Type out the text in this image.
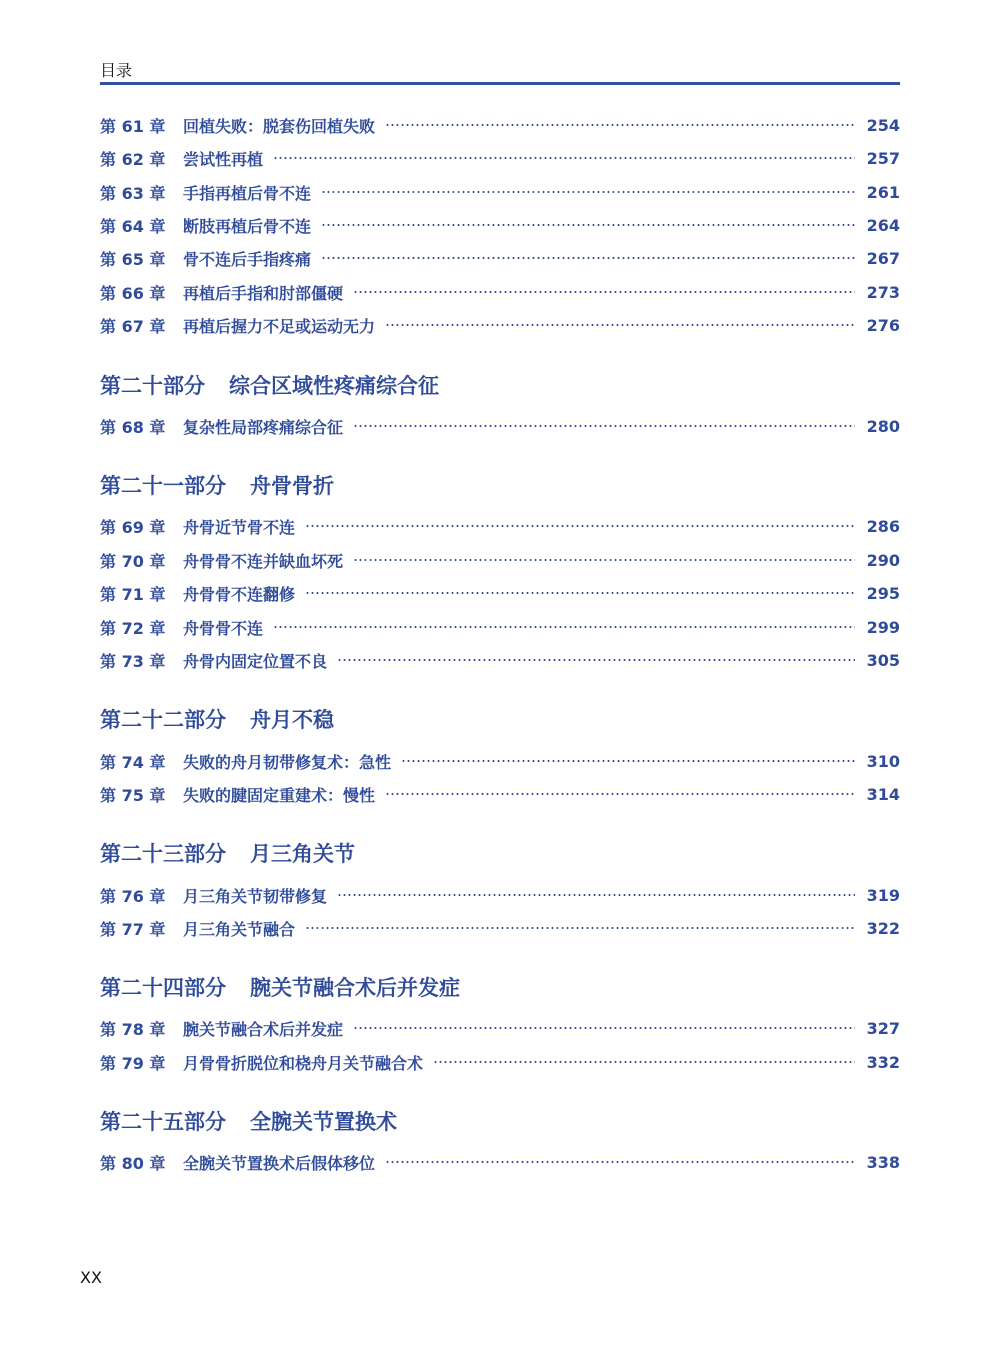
目录
第 61 章	回植失败：脱套伤回植失败	254
第 62 章	尝试性再植	257
第 63 章	手指再植后骨不连	261
第 64 章	断肢再植后骨不连	264
第 65 章	骨不连后手指疼痛	267
第 66 章	再植后手指和肘部僵硬	273
第 67 章	再植后握力不足或运动无力	276
第二十部分 综合区域性疼痛综合征
第 68 章	复杂性局部疼痛综合征	280
第二十一部分 舟骨骨折
第 69 章	舟骨近节骨不连	286
第 70 章	舟骨骨不连并缺血坏死	290
第 71 章	舟骨骨不连翻修	295
第 72 章	舟骨骨不连	299
第 73 章	舟骨内固定位置不良	305
第二十二部分 舟月不稳
第 74 章	失败的舟月韧带修复术：急性	310
第 75 章	失败的腱固定重建术：慢性	314
第二十三部分 月三角关节
第 76 章	月三角关节韧带修复	319
第 77 章	月三角关节融合	322
第二十四部分 腕关节融合术后并发症
第 78 章	腕关节融合术后并发症	327
第 79 章	月骨骨折脱位和桡舟月关节融合术	332
第二十五部分 全腕关节置换术
第 80 章	全腕关节置换术后假体移位	338
XX
